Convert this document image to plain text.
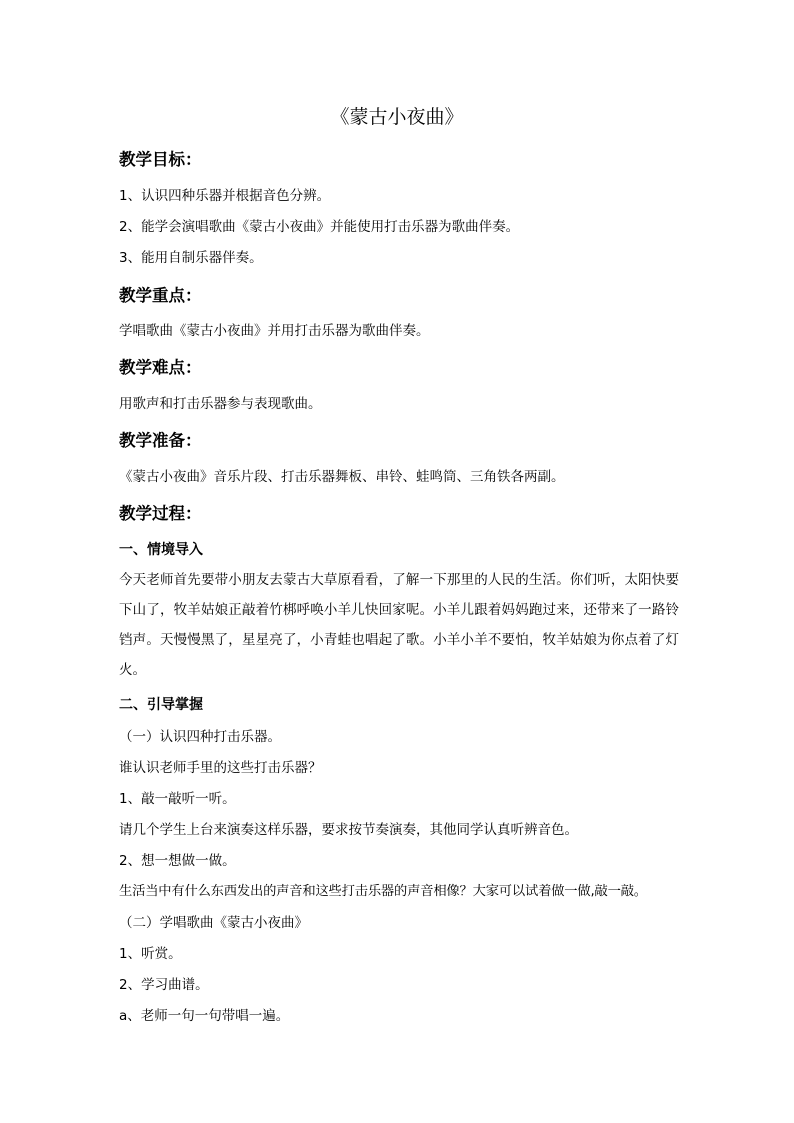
《蒙古小夜曲》
教学目标：

1、认识四种乐器并根据音色分辨。

2、能学会演唱歌曲《蒙古小夜曲》并能使用打击乐器为歌曲伴奏。

3、能用自制乐器伴奏。

教学重点：

学唱歌曲《蒙古小夜曲》并用打击乐器为歌曲伴奏。

教学难点：

用歌声和打击乐器参与表现歌曲。

教学准备：

《蒙古小夜曲》音乐片段、打击乐器舞板、串铃、蛙鸣筒、三角铁各两副。

教学过程：
一、情境导入

今天老师首先要带小朋友去蒙古大草原看看，了解一下那里的人民的生活。你们听，太阳快要下山了，牧羊姑娘正敲着竹梆呼唤小羊儿快回家呢。小羊儿跟着妈妈跑过来，还带来了一路铃铛声。天慢慢黑了，星星亮了，小青蛙也唱起了歌。小羊小羊不要怕，牧羊姑娘为你点着了灯火。

二、引导掌握

（一）认识四种打击乐器。

谁认识老师手里的这些打击乐器？

1、敲一敲听一听。

请几个学生上台来演奏这样乐器，要求按节奏演奏，其他同学认真听辨音色。

2、想一想做一做。

生活当中有什么东西发出的声音和这些打击乐器的声音相像？大家可以试着做一做,敲一敲。

（二）学唱歌曲《蒙古小夜曲》

1、听赏。

2、学习曲谱。

a、老师一句一句带唱一遍。
